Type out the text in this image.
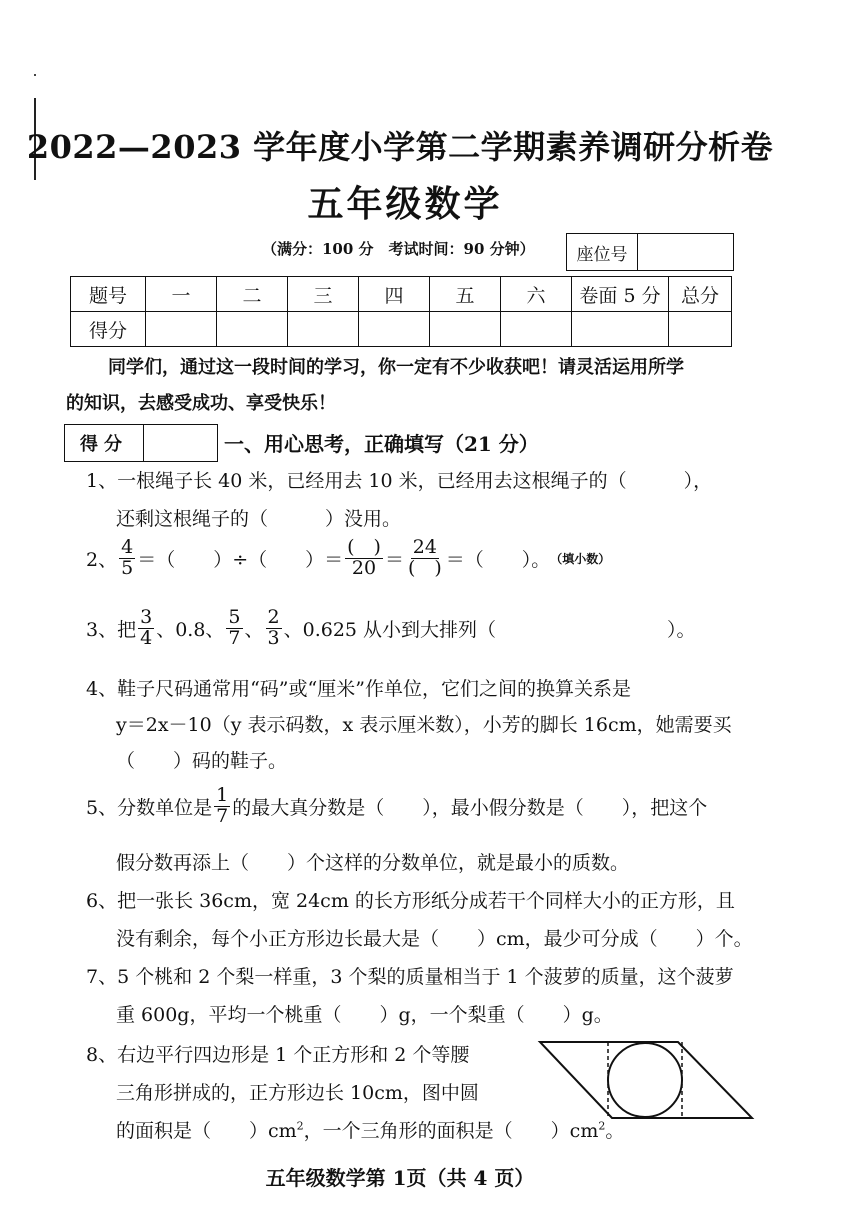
2022—2023 学年度小学第二学期素养调研分析卷
五年级数学
（满分：100 分　考试时间：90 分钟）	座位号
题号	一	二	三	四	五	六	卷面 5 分	总分
得分								
　　同学们，通过这一段时间的学习，你一定有不少收获吧！请灵活运用所学
的知识，去感受成功、享受快乐！
得分	一、用心思考，正确填写（21 分）
1、一根绳子长 40 米，已经用去 10 米，已经用去这根绳子的（　　　），
还剩这根绳子的（　　　）没用。
2、 $\frac{4}{5}$ ＝（　　）÷（　　）＝ $\frac{( )}{20} = \frac{24}{( )}$ ＝（　　）。 （填小数）
3、把 $\frac{3}{4}$ 、0.8、 $\frac{5}{7}$ 、 $\frac{2}{3}$ 、0.625 从小到大排列（　　　　　　　　　）。
4、鞋子尺码通常用“码”或“厘米”作单位，它们之间的换算关系是
y＝2x－10（y 表示码数，x 表示厘米数），小芳的脚长 16cm，她需要买
（　　）码的鞋子。
5、分数单位是 $\frac{1}{7}$ 的最大真分数是（　　），最小假分数是（　　），把这个
假分数再添上（　　）个这样的分数单位，就是最小的质数。
6、把一张长 36cm，宽 24cm 的长方形纸分成若干个同样大小的正方形，且
没有剩余，每个小正方形边长最大是（　　）cm，最少可分成（　　）个。
7、5 个桃和 2 个梨一样重，3 个梨的质量相当于 1 个菠萝的质量，这个菠萝
重 600g，平均一个桃重（　　）g，一个梨重（　　）g。
8、右边平行四边形是 1 个正方形和 2 个等腰
三角形拼成的，正方形边长 10cm，图中圆
的面积是（　　）$cm^2$，一个三角形的面积是（　　）$cm^2$。
五年级数学第 1页（共 4 页）
